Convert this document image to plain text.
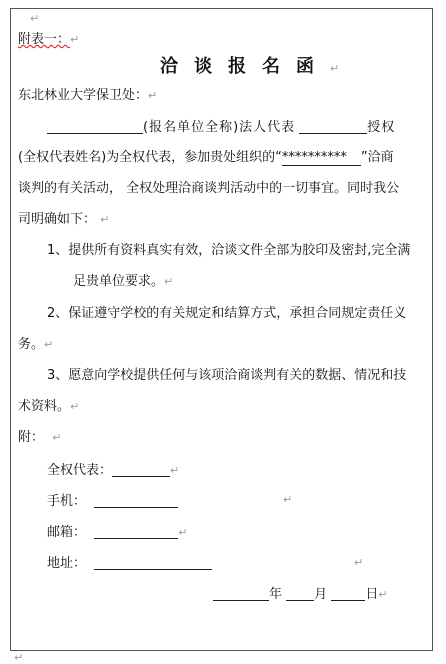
↵
附表一：↵
洽谈报名函↵
东北林业大学保卫处：↵
(报名单位全称)法人代表	授权
(全权代表姓名)为全权代表，参加贵处组织的“********** ”洽商
谈判的有关活动， 全权处理洽商谈判活动中的一切事宜。同时我公
司明确如下： ↵
1、提供所有资料真实有效，洽谈文件全部为胶印及密封,完全满
足贵单位要求。↵
2、保证遵守学校的有关规定和结算方式，承担合同规定责任义
务。↵
3、愿意向学校提供任何与该项洽商谈判有关的数据、情况和技
术资料。↵
附： ↵
全权代表：	↵
手机：	↵
邮箱：	↵
地址：	↵
年 月	日↵
↵
